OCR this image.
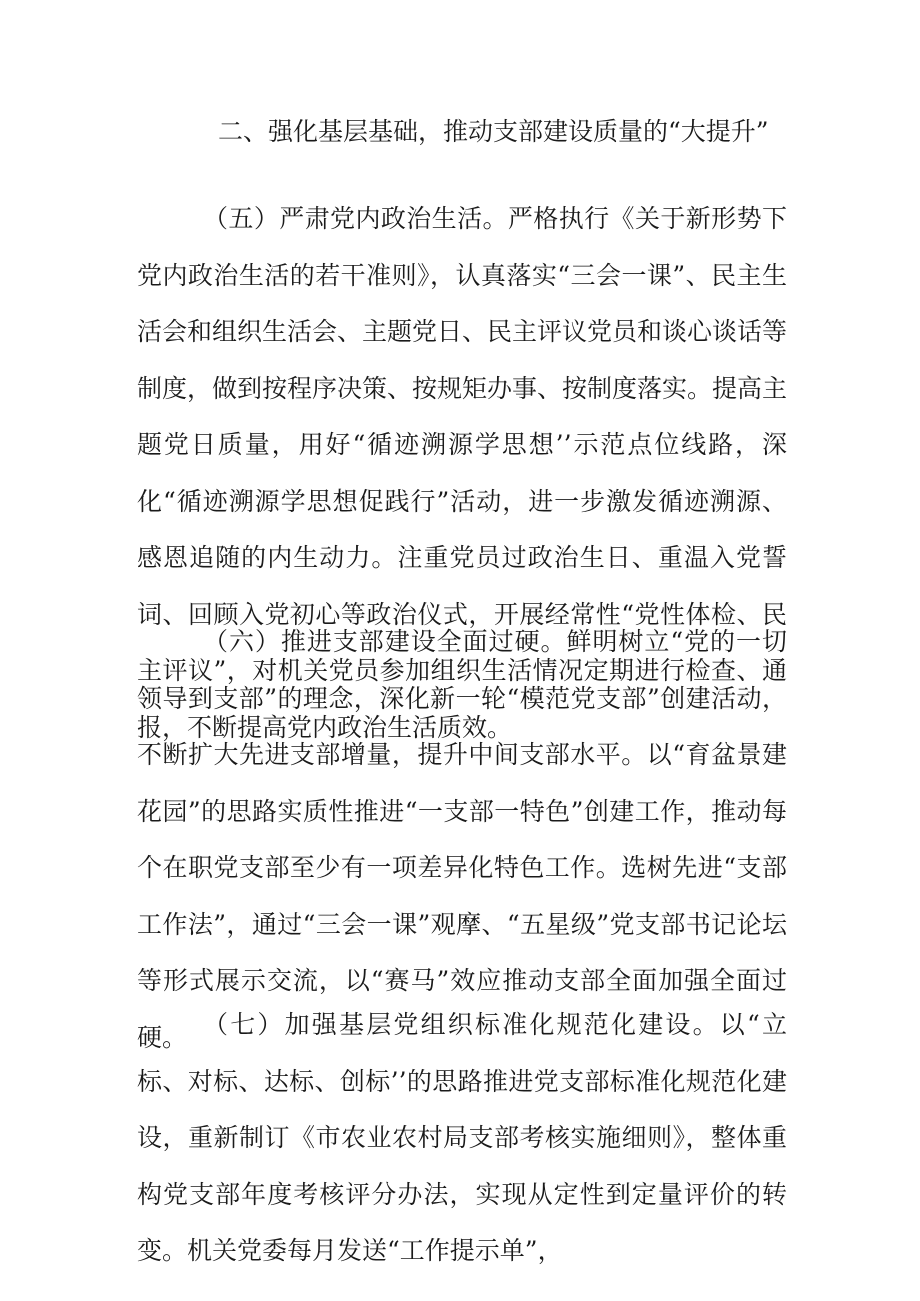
二、强化基层基础，推动支部建设质量的“大提升”

（五）严肃党内政治生活。严格执行《关于新形势下党内政治生活的若干准则》，认真落实“三会一课”、民主生活会和组织生活会、主题党日、民主评议党员和谈心谈话等制度，做到按程序决策、按规矩办事、按制度落实。提高主题党日质量，用好“循迹溯源学思想’’示范点位线路，深化“循迹溯源学思想促践行”活动，进一步激发循迹溯源、感恩追随的内生动力。注重党员过政治生日、重温入党誓词、回顾入党初心等政治仪式，开展经常性“党性体检、民主评议”，对机关党员参加组织生活情况定期进行检查、通报，不断提高党内政治生活质效。

（六）推进支部建设全面过硬。鲜明树立“党的一切领导到支部”的理念，深化新一轮“模范党支部”创建活动，不断扩大先进支部增量，提升中间支部水平。以“育盆景建花园”的思路实质性推进“一支部一特色”创建工作，推动每个在职党支部至少有一项差异化特色工作。选树先进“支部工作法”，通过“三会一课”观摩、“五星级”党支部书记论坛等形式展示交流，以“赛马”效应推动支部全面加强全面过硬。 （七）加强基层党组织标准化规范化建设。以“立标、对标、达标、创标’’的思路推进党支部标准化规范化建设，重新制订《市农业农村局支部考核实施细则》，整体重构党支部年度考核评分办法，实现从定性到定量评价的转变。机关党委每月发送“工作提示单”，
